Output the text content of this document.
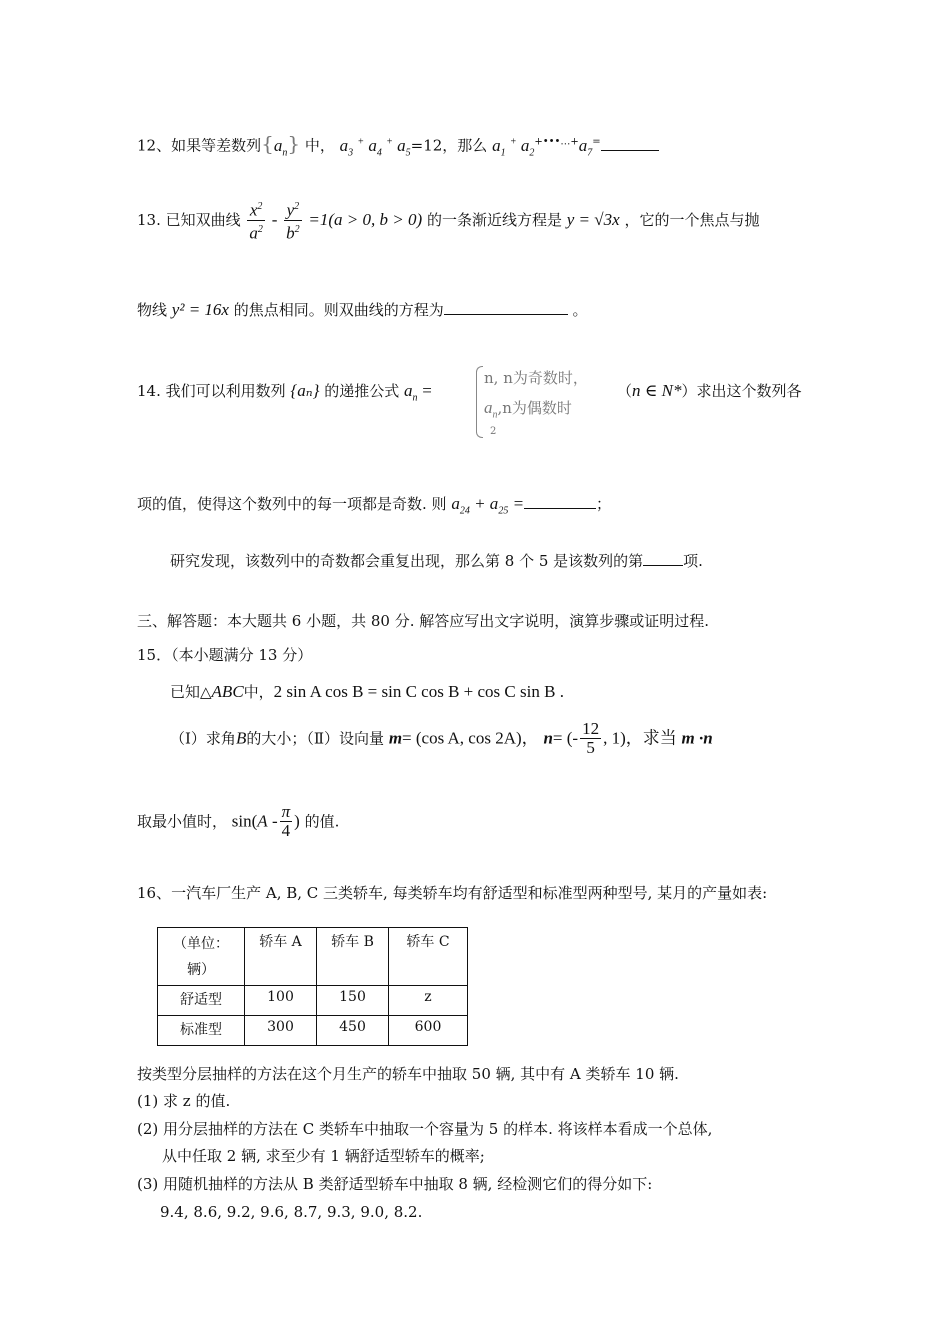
12、如果等差数列$\{a_n\}$ 中， $a_3$ + $a_4$ + $a_5=12$，那么 $a_1$ + $a_2^{+•••\dots+}a_7^=$
13. 已知双曲线 $\frac{x^2}{a^2} - \frac{y^2}{b^2} =1(a > 0$, b > 0) 的一条渐近线方程是 y = √3x ，它的一个焦点与抛
物线 y² = 16x 的焦点相同。则双曲线的方程为	。
14. 我们可以利用数列 {aₙ} 的递推公式 $a_n$ =
n, n为奇数时，
$a_n,n$为偶数时
2
（n ∈ N*）求出这个数列各
项的值，使得这个数列中的每一项都是奇数. 则 $a_{24} + a_{25}$ =	；
研究发现，该数列中的奇数都会重复出现，那么第 8 个 5 是该数列的第	项.
三、解答题：本大题共 6 小题，共 80 分. 解答应写出文字说明，演算步骤或证明过程.
15．（本小题满分 13 分）
已知△ABC中，2 sin A cos B = sin C cos B + cos C sin B .
（Ⅰ）求角B的大小；（Ⅱ）设向量 m= (cos A, cos 2A)， n= (- $\frac{12}{5}$ , 1)，求当 m ·n
取最小值时， $\sin(A - \frac{\pi}{4}$ ) 的值.
16、一汽车厂生产 A, B, C 三类轿车, 每类轿车均有舒适型和标准型两种型号, 某月的产量如表:
（单位：辆）	轿车 A	轿车 B	轿车 C
舒适型	100	150	z
标准型	300	450	600
按类型分层抽样的方法在这个月生产的轿车中抽取 50 辆, 其中有 A 类轿车 10 辆.
(1) 求 z 的值.
(2) 用分层抽样的方法在 C 类轿车中抽取一个容量为 5 的样本. 将该样本看成一个总体,
从中任取 2 辆, 求至少有 1 辆舒适型轿车的概率;
(3) 用随机抽样的方法从 B 类舒适型轿车中抽取 8 辆, 经检测它们的得分如下:
9.4, 8.6, 9.2, 9.6, 8.7, 9.3, 9.0, 8.2.
